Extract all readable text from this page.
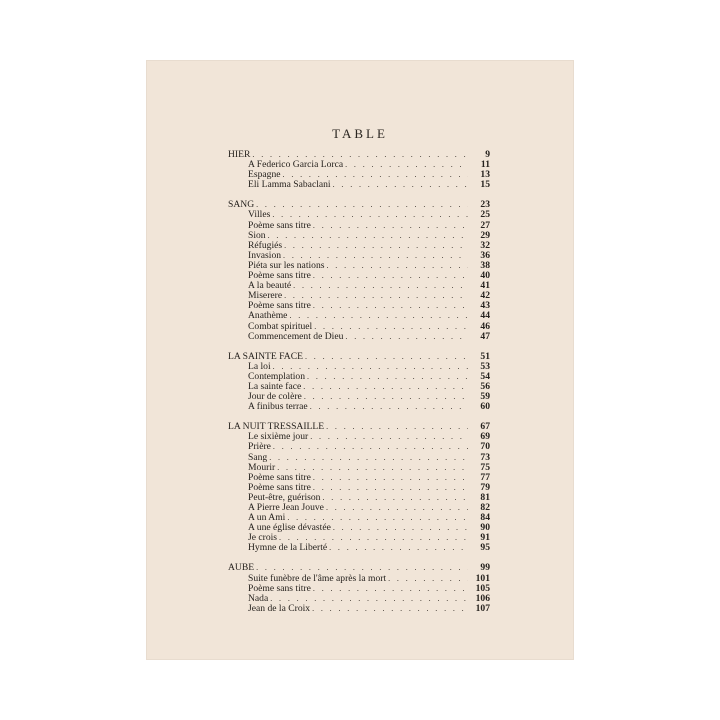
TABLE
HIER . . .	9
A Federico Garcia Lorca . . .	11
Espagne . . .	13
Eli Lamma Sabaclani . . .	15
SANG . . .	23
Villes . . .	25
Poème sans titre . . .	27
Sion . . .	29
Réfugiés . . .	32
Invasion . . .	36
Piéta sur les nations . . .	38
Poème sans titre . . .	40
A la beauté . . .	41
Miserere . . .	42
Poème sans titre . . .	43
Anathème . . .	44
Combat spirituel . . .	46
Commencement de Dieu . . .	47
LA SAINTE FACE . . .	51
La loi . . .	53
Contemplation . . .	54
La sainte face . . .	56
Jour de colère . . .	59
A finibus terrae . . .	60
LA NUIT TRESSAILLE . . .	67
Le sixième jour . . .	69
Prière . . .	70
Sang . . .	73
Mourir . . .	75
Poème sans titre . . .	77
Poème sans titre . . .	79
Peut-être, guérison . . .	81
A Pierre Jean Jouve . . .	82
A un Ami . . .	84
A une église dévastée . . .	90
Je crois . . .	91
Hymne de la Liberté . . .	95
AUBE . . .	99
Suite funèbre de l'âme après la mort . . .	101
Poème sans titre . . .	105
Nada . . .	106
Jean de la Croix . . .	107
